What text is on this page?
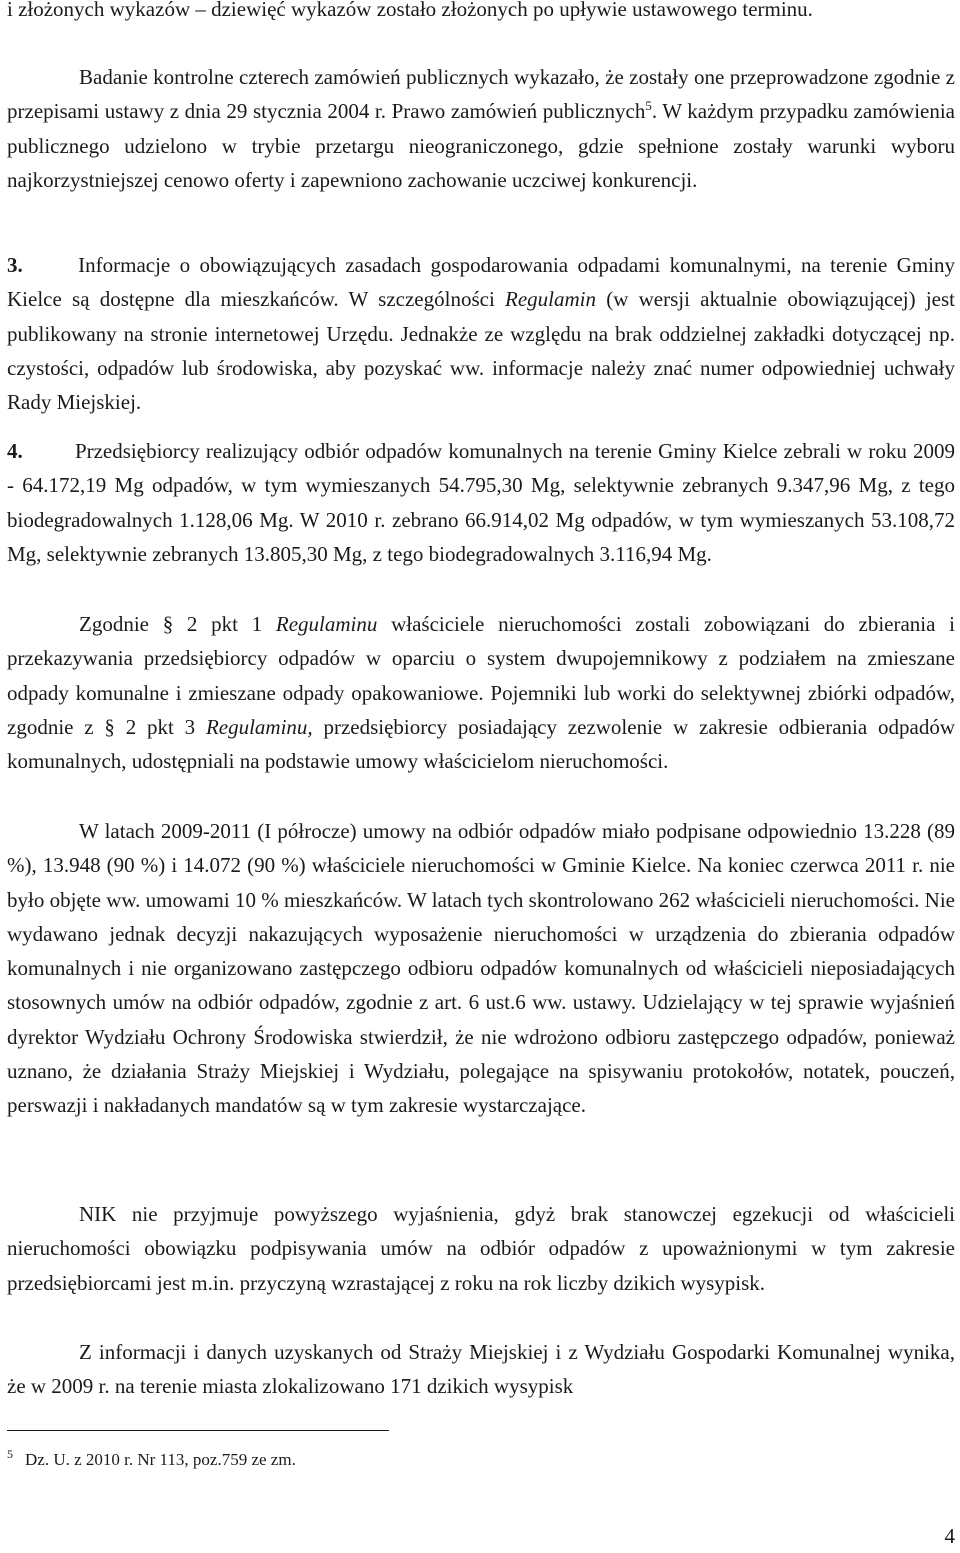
i złożonych wykazów – dziewięć wykazów zostało złożonych po upływie ustawowego terminu.

Badanie kontrolne czterech zamówień publicznych wykazało, że zostały one przeprowadzone zgodnie z przepisami ustawy z dnia 29 stycznia 2004 r. Prawo zamówień publicznych$^5$. W każdym przypadku zamówienia publicznego udzielono w trybie przetargu nieograniczonego, gdzie spełnione zostały warunki wyboru najkorzystniejszej cenowo oferty i zapewniono zachowanie uczciwej konkurencji.

3.	Informacje o obowiązujących zasadach gospodarowania odpadami komunalnymi, na terenie Gminy Kielce są dostępne dla mieszkańców. W szczególności Regulamin (w wersji aktualnie obowiązującej) jest publikowany na stronie internetowej Urzędu. Jednakże ze względu na brak oddzielnej zakładki dotyczącej np. czystości, odpadów lub środowiska, aby pozyskać ww. informacje należy znać numer odpowiedniej uchwały Rady Miejskiej.

4. Przedsiębiorcy realizujący odbiór odpadów komunalnych na terenie Gminy Kielce zebrali w roku 2009 - 64.172,19 Mg odpadów, w tym wymieszanych 54.795,30 Mg, selektywnie zebranych 9.347,96 Mg, z tego biodegradowalnych 1.128,06 Mg. W 2010 r. zebrano 66.914,02 Mg odpadów, w tym wymieszanych 53.108,72 Mg, selektywnie zebranych 13.805,30 Mg, z tego biodegradowalnych 3.116,94 Mg.

Zgodnie § 2 pkt 1 Regulaminu właściciele nieruchomości zostali zobowiązani do zbierania i przekazywania przedsiębiorcy odpadów w oparciu o system dwupojemnikowy z podziałem na zmieszane odpady komunalne i zmieszane odpady opakowaniowe. Pojemniki lub worki do selektywnej zbiórki odpadów, zgodnie z § 2 pkt 3 Regulaminu, przedsiębiorcy posiadający zezwolenie w zakresie odbierania odpadów komunalnych, udostępniali na podstawie umowy właścicielom nieruchomości.

W latach 2009-2011 (I półrocze) umowy na odbiór odpadów miało podpisane odpowiednio 13.228 (89 %), 13.948 (90 %) i 14.072 (90 %) właściciele nieruchomości w Gminie Kielce. Na koniec czerwca 2011 r. nie było objęte ww. umowami 10 % mieszkańców. W latach tych skontrolowano 262 właścicieli nieruchomości. Nie wydawano jednak decyzji nakazujących wyposażenie nieruchomości w urządzenia do zbierania odpadów komunalnych i nie organizowano zastępczego odbioru odpadów komunalnych od właścicieli nieposiadających stosownych umów na odbiór odpadów, zgodnie z art. 6 ust.6 ww. ustawy. Udzielający w tej sprawie wyjaśnień dyrektor Wydziału Ochrony Środowiska stwierdził, że nie wdrożono odbioru zastępczego odpadów, ponieważ uznano, że działania Straży Miejskiej i Wydziału, polegające na spisywaniu protokołów, notatek, pouczeń, perswazji i nakładanych mandatów są w tym zakresie wystarczające.

NIK nie przyjmuje powyższego wyjaśnienia, gdyż brak stanowczej egzekucji od właścicieli nieruchomości obowiązku podpisywania umów na odbiór odpadów z upoważnionymi w tym zakresie przedsiębiorcami jest m.in. przyczyną wzrastającej z roku na rok liczby dzikich wysypisk.

Z informacji i danych uzyskanych od Straży Miejskiej i z Wydziału Gospodarki Komunalnej wynika, że w 2009 r. na terenie miasta zlokalizowano 171 dzikich wysypisk

$^5$ Dz. U. z 2010 r. Nr 113, poz.759 ze zm.
4
